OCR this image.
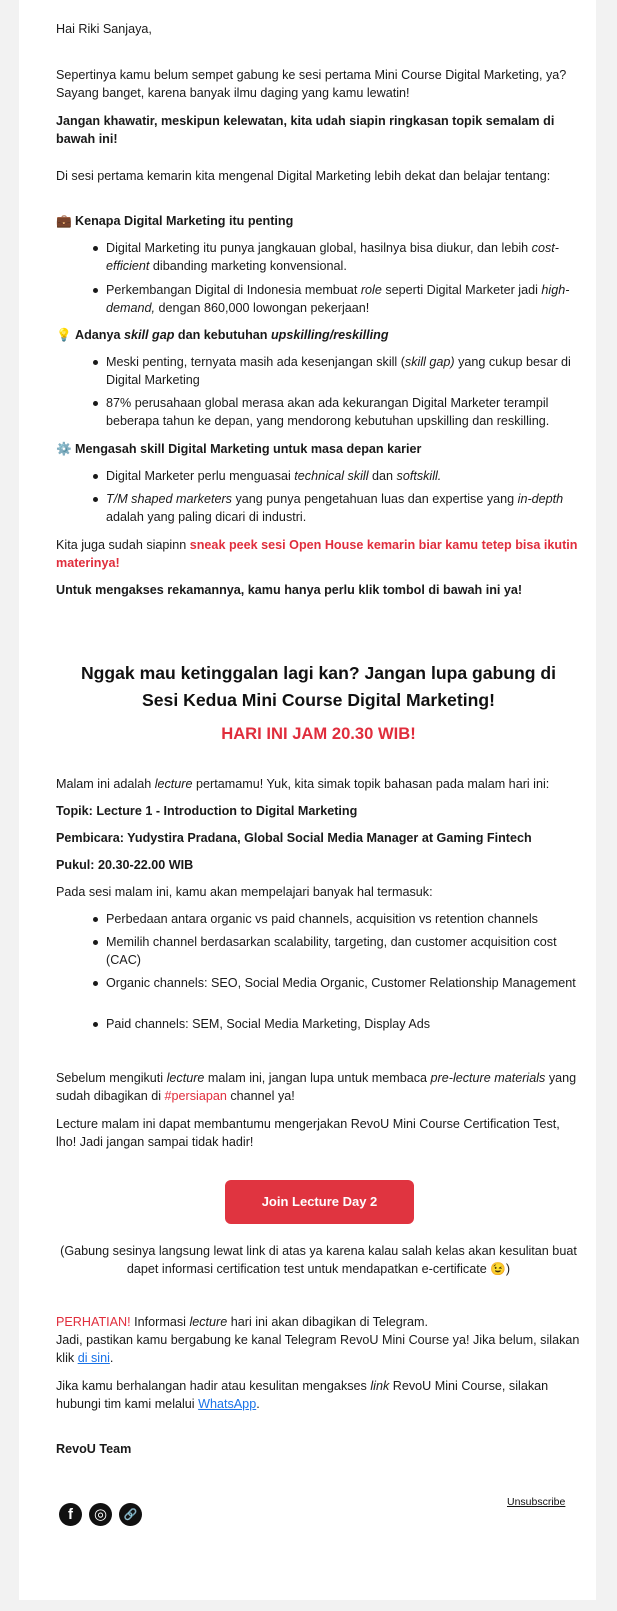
Hai Riki Sanjaya,

Sepertinya kamu belum sempet gabung ke sesi pertama Mini Course Digital Marketing, ya? Sayang banget, karena banyak ilmu daging yang kamu lewatin!

Jangan khawatir, meskipun kelewatan, kita udah siapin ringkasan topik semalam di bawah ini!

Di sesi pertama kemarin kita mengenal Digital Marketing lebih dekat dan belajar tentang:

💼 Kenapa Digital Marketing itu penting
Digital Marketing itu punya jangkauan global, hasilnya bisa diukur, dan lebih cost-efficient dibanding marketing konvensional.
Perkembangan Digital di Indonesia membuat role seperti Digital Marketer jadi high-demand, dengan 860,000 lowongan pekerjaan!
💡 Adanya skill gap dan kebutuhan upskilling/reskilling
Meski penting, ternyata masih ada kesenjangan skill (skill gap) yang cukup besar di Digital Marketing
87% perusahaan global merasa akan ada kekurangan Digital Marketer terampil beberapa tahun ke depan, yang mendorong kebutuhan upskilling dan reskilling.
⚙️ Mengasah skill Digital Marketing untuk masa depan karier
Digital Marketer perlu menguasai technical skill dan softskill.
T/M shaped marketers yang punya pengetahuan luas dan expertise yang in-depth adalah yang paling dicari di industri.

Kita juga sudah siapinn sneak peek sesi Open House kemarin biar kamu tetep bisa ikutin materinya!

Untuk mengakses rekamannya, kamu hanya perlu klik tombol di bawah ini ya!

Nggak mau ketinggalan lagi kan? Jangan lupa gabung di
Sesi Kedua Mini Course Digital Marketing!
HARI INI JAM 20.30 WIB!

Malam ini adalah lecture pertamamu! Yuk, kita simak topik bahasan pada malam hari ini:

Topik: Lecture 1 - Introduction to Digital Marketing

Pembicara: Yudystira Pradana, Global Social Media Manager at Gaming Fintech

Pukul: 20.30-22.00 WIB

Pada sesi malam ini, kamu akan mempelajari banyak hal termasuk:

Perbedaan antara organic vs paid channels, acquisition vs retention channels
Memilih channel berdasarkan scalability, targeting, dan customer acquisition cost (CAC)
Organic channels: SEO, Social Media Organic, Customer Relationship Management
Paid channels: SEM, Social Media Marketing, Display Ads

Sebelum mengikuti lecture malam ini, jangan lupa untuk membaca pre-lecture materials yang sudah dibagikan di #persiapan channel ya!

Lecture malam ini dapat membantumu mengerjakan RevoU Mini Course Certification Test, lho! Jadi jangan sampai tidak hadir!

Join Lecture Day 2

(Gabung sesinya langsung lewat link di atas ya karena kalau salah kelas akan kesulitan buat dapet informasi certification test untuk mendapatkan e-certificate 😉)

PERHATIAN! Informasi lecture hari ini akan dibagikan di Telegram.
Jadi, pastikan kamu bergabung ke kanal Telegram RevoU Mini Course ya! Jika belum, silakan klik di sini.

Jika kamu berhalangan hadir atau kesulitan mengakses link RevoU Mini Course, silakan hubungi tim kami melalui WhatsApp.

RevoU Team

f	◎	🔗
Unsubscribe
